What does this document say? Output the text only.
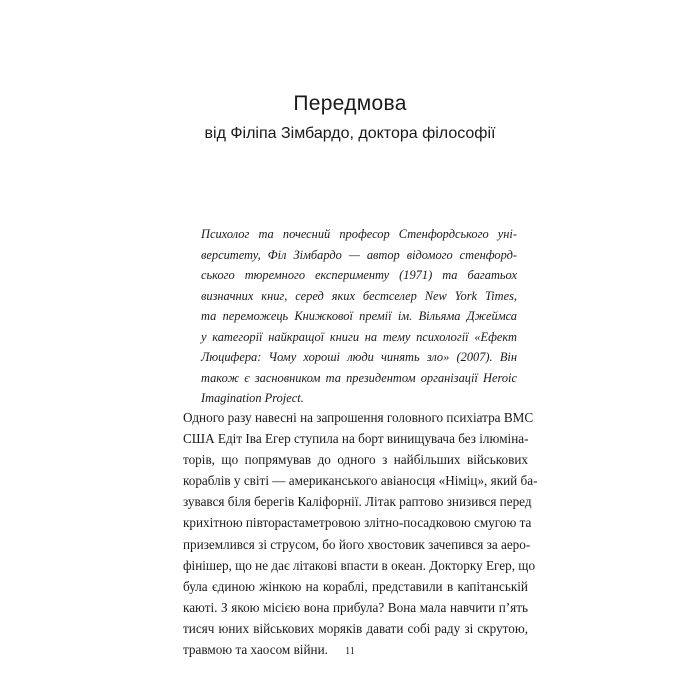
Передмова
від Філіпа Зімбардо, доктора філософії
Психолог та почесний професор Стенфордського уні-
верситету, Філ Зімбардо — автор відомого стенфорд-
ського тюремного експерименту (1971) та багатьох
визначних книг, серед яких бестселер New York Times,
та переможець Книжкової премії ім. Вільяма Джеймса
у категорії найкращої книги на тему психології «Ефект
Люцифера: Чому хороші люди чинять зло» (2007). Він
також є засновником та президентом організації Heroic
Imagination Project.
Одного разу навесні на запрошення головного психіатра ВМС
США Едіт Іва Егер ступила на борт винищувача без ілюміна-
торів, що попрямував до одного з найбільших військових
кораблів у світі — американського авіаносця «Німіц», який ба-
зувався біля берегів Каліфорнії. Літак раптово знизився перед
крихітною півторастаметровою злітно-посадковою смугою та
приземлився зі струсом, бо його хвостовик зачепився за аеро-
фінішер, що не дає літакові впасти в океан. Докторку Егер, що
була єдиною жінкою на кораблі, представили в капітанській
каюті. З якою місією вона прибула? Вона мала навчити п’ять
тисяч юних військових моряків давати собі раду зі скрутою,
травмою та хаосом війни.	11
